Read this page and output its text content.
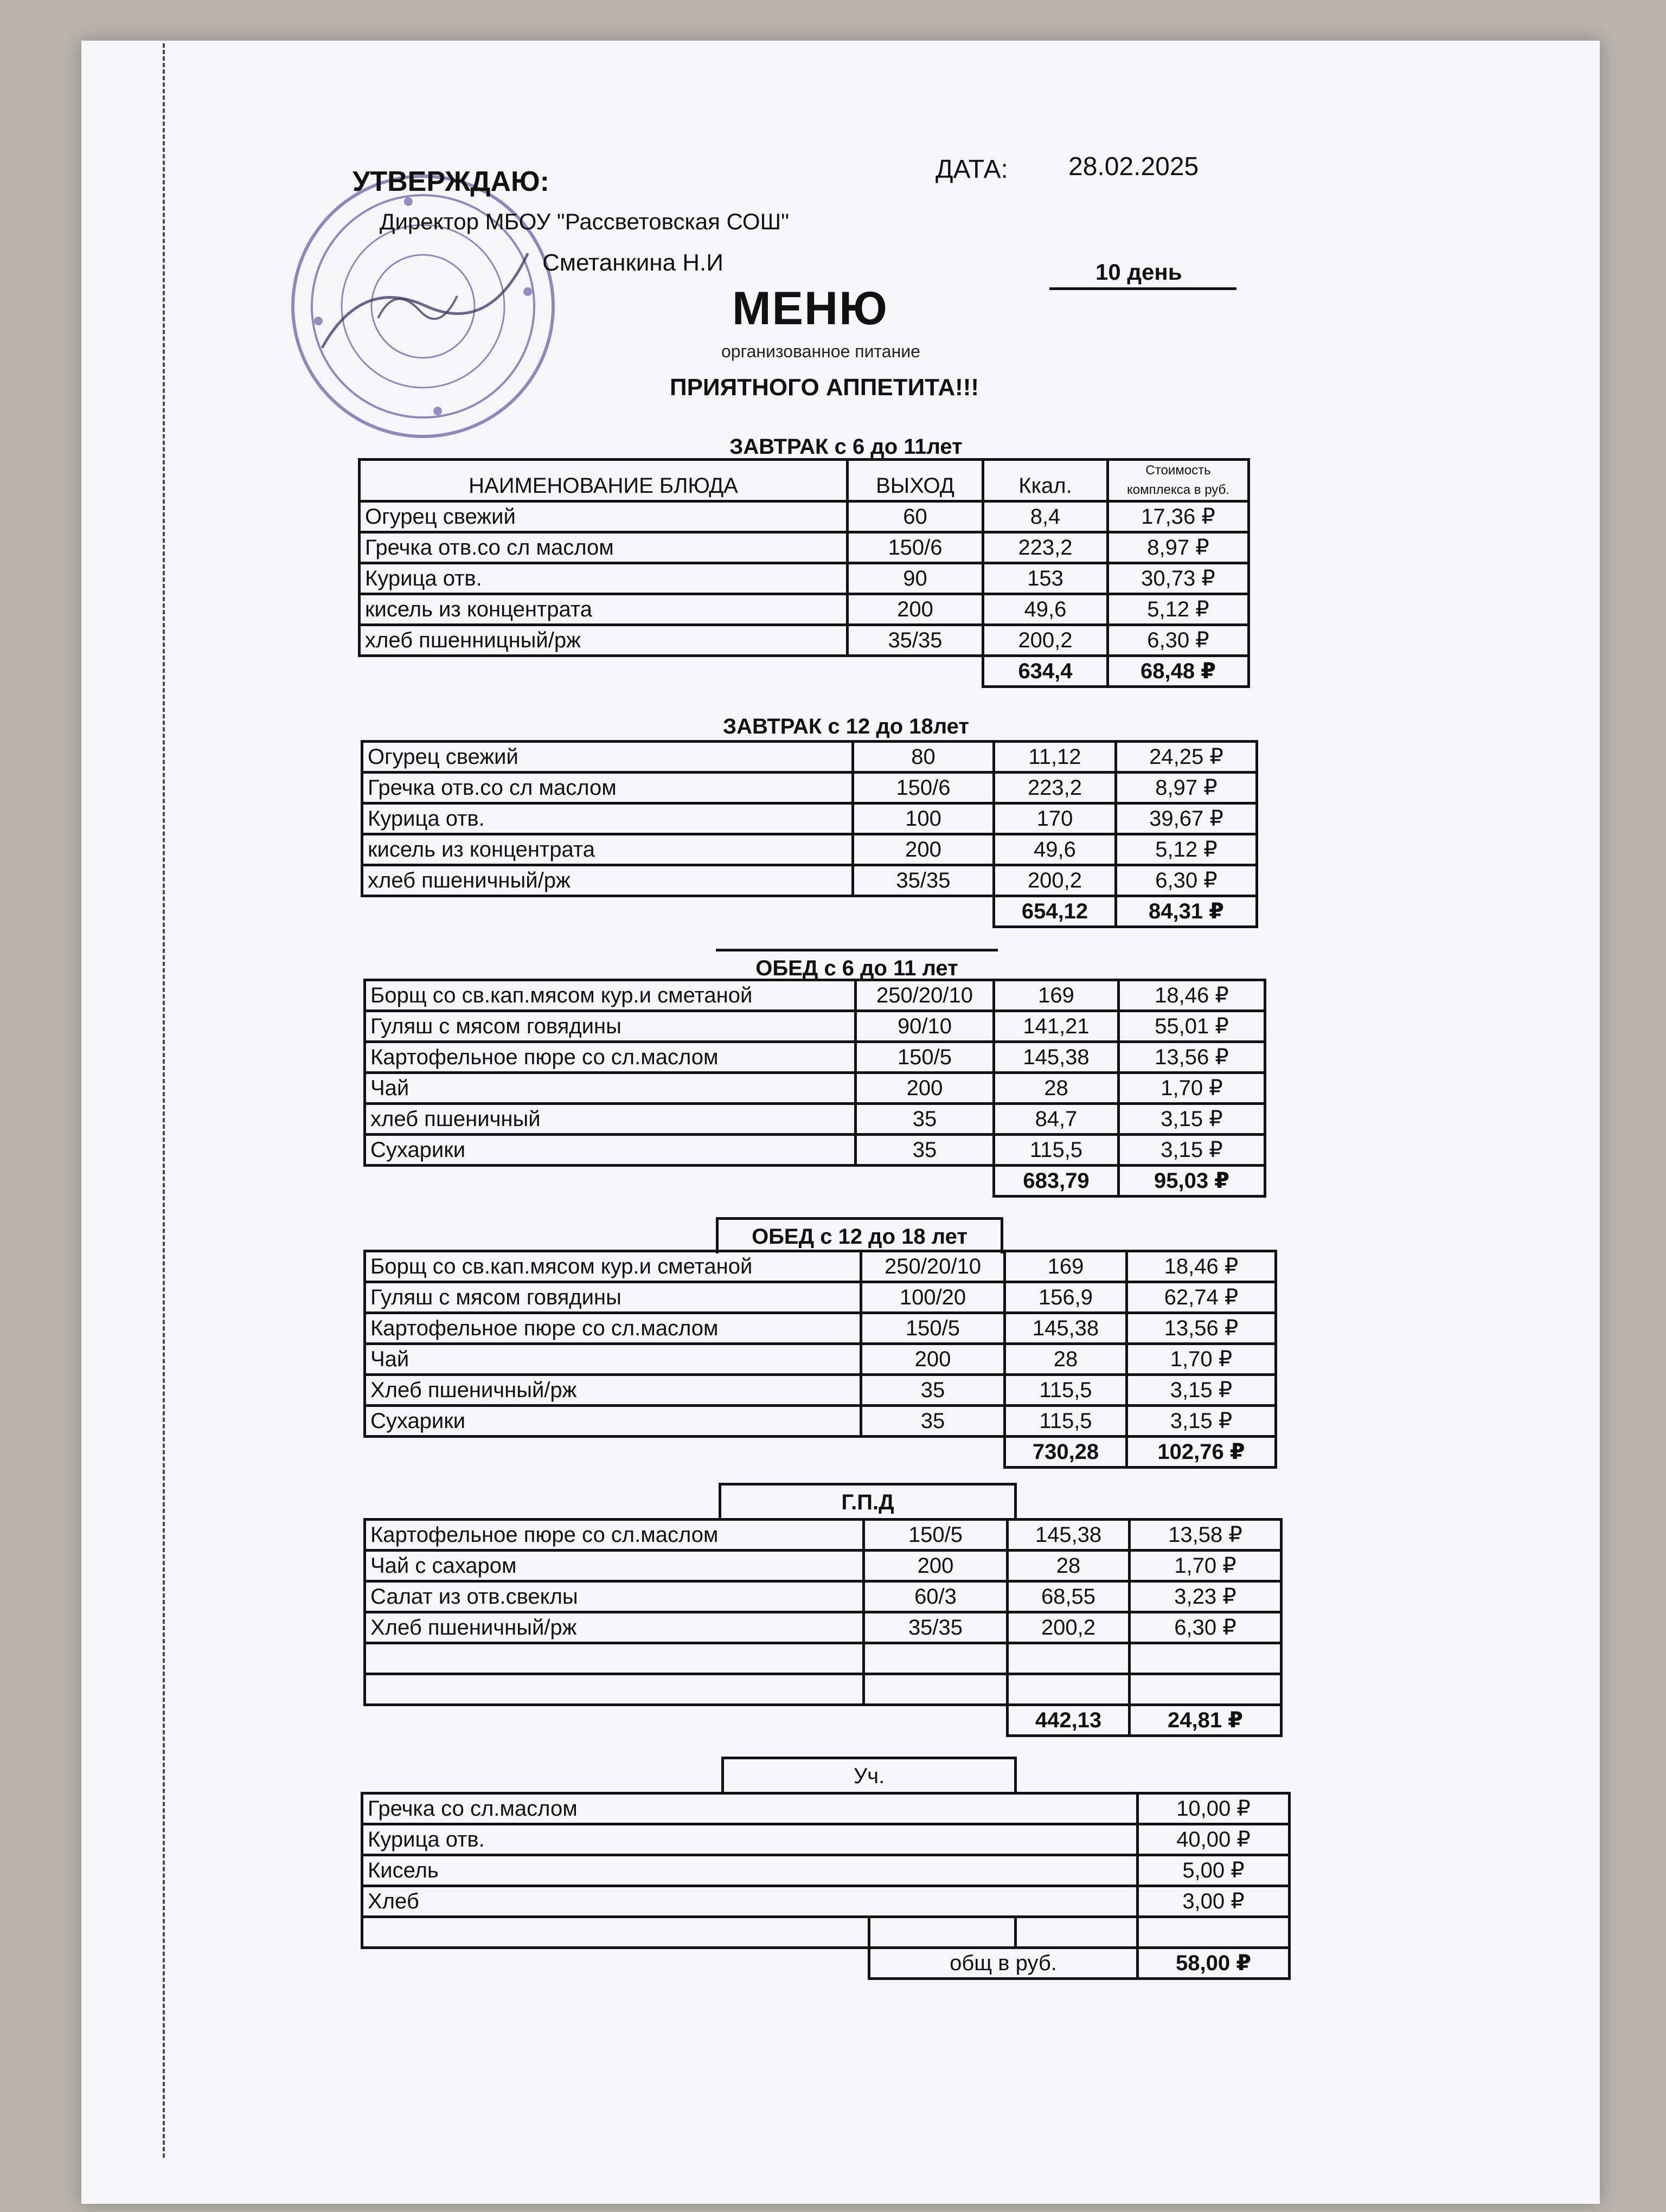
УТВЕРЖДАЮ:
Директор МБОУ "Рассветовская СОШ"
Сметанкина Н.И
ДАТА: 28.02.2025
10 день
МЕНЮ
организованное питание
ПРИЯТНОГО АППЕТИТА!!!
ЗАВТРАК с 6 до 11лет
НАИМЕНОВАНИЕ БЛЮДА	ВЫХОД	Ккал.	Стоимость комплекса в руб.
Огурец свежий	60	8,4	17,36 ₽
Гречка отв.со сл маслом	150/6	223,2	8,97 ₽
Курица отв.	90	153	30,73 ₽
кисель из концентрата	200	49,6	5,12 ₽
хлеб пшенницный/рж	35/35	200,2	6,30 ₽
		634,4	68,48 ₽
ЗАВТРАК с 12 до 18лет
Огурец свежий	80	11,12	24,25 ₽
Гречка отв.со сл маслом	150/6	223,2	8,97 ₽
Курица отв.	100	170	39,67 ₽
кисель из концентрата	200	49,6	5,12 ₽
хлеб пшеничный/рж	35/35	200,2	6,30 ₽
		654,12	84,31 ₽
ОБЕД с 6 до 11 лет
Борщ со св.кап.мясом кур.и сметаной	250/20/10	169	18,46 ₽
Гуляш с мясом говядины	90/10	141,21	55,01 ₽
Картофельное пюре со сл.маслом	150/5	145,38	13,56 ₽
Чай	200	28	1,70 ₽
хлеб пшеничный	35	84,7	3,15 ₽
Сухарики	35	115,5	3,15 ₽
		683,79	95,03 ₽
ОБЕД с 12 до 18 лет
Борщ со св.кап.мясом кур.и сметаной	250/20/10	169	18,46 ₽
Гуляш с мясом говядины	100/20	156,9	62,74 ₽
Картофельное пюре со сл.маслом	150/5	145,38	13,56 ₽
Чай	200	28	1,70 ₽
Хлеб пшеничный/рж	35	115,5	3,15 ₽
Сухарики	35	115,5	3,15 ₽
		730,28	102,76 ₽
Г.П.Д
Картофельное пюре со сл.маслом	150/5	145,38	13,58 ₽
Чай с сахаром	200	28	1,70 ₽
Салат из отв.свеклы	60/3	68,55	3,23 ₽
Хлеб пшеничный/рж	35/35	200,2	6,30 ₽

		442,13	24,81 ₽
Уч.
Гречка со сл.маслом			10,00 ₽
Курица отв.			40,00 ₽
Кисель			5,00 ₽
Хлеб			3,00 ₽

	общ в руб.		58,00 ₽
